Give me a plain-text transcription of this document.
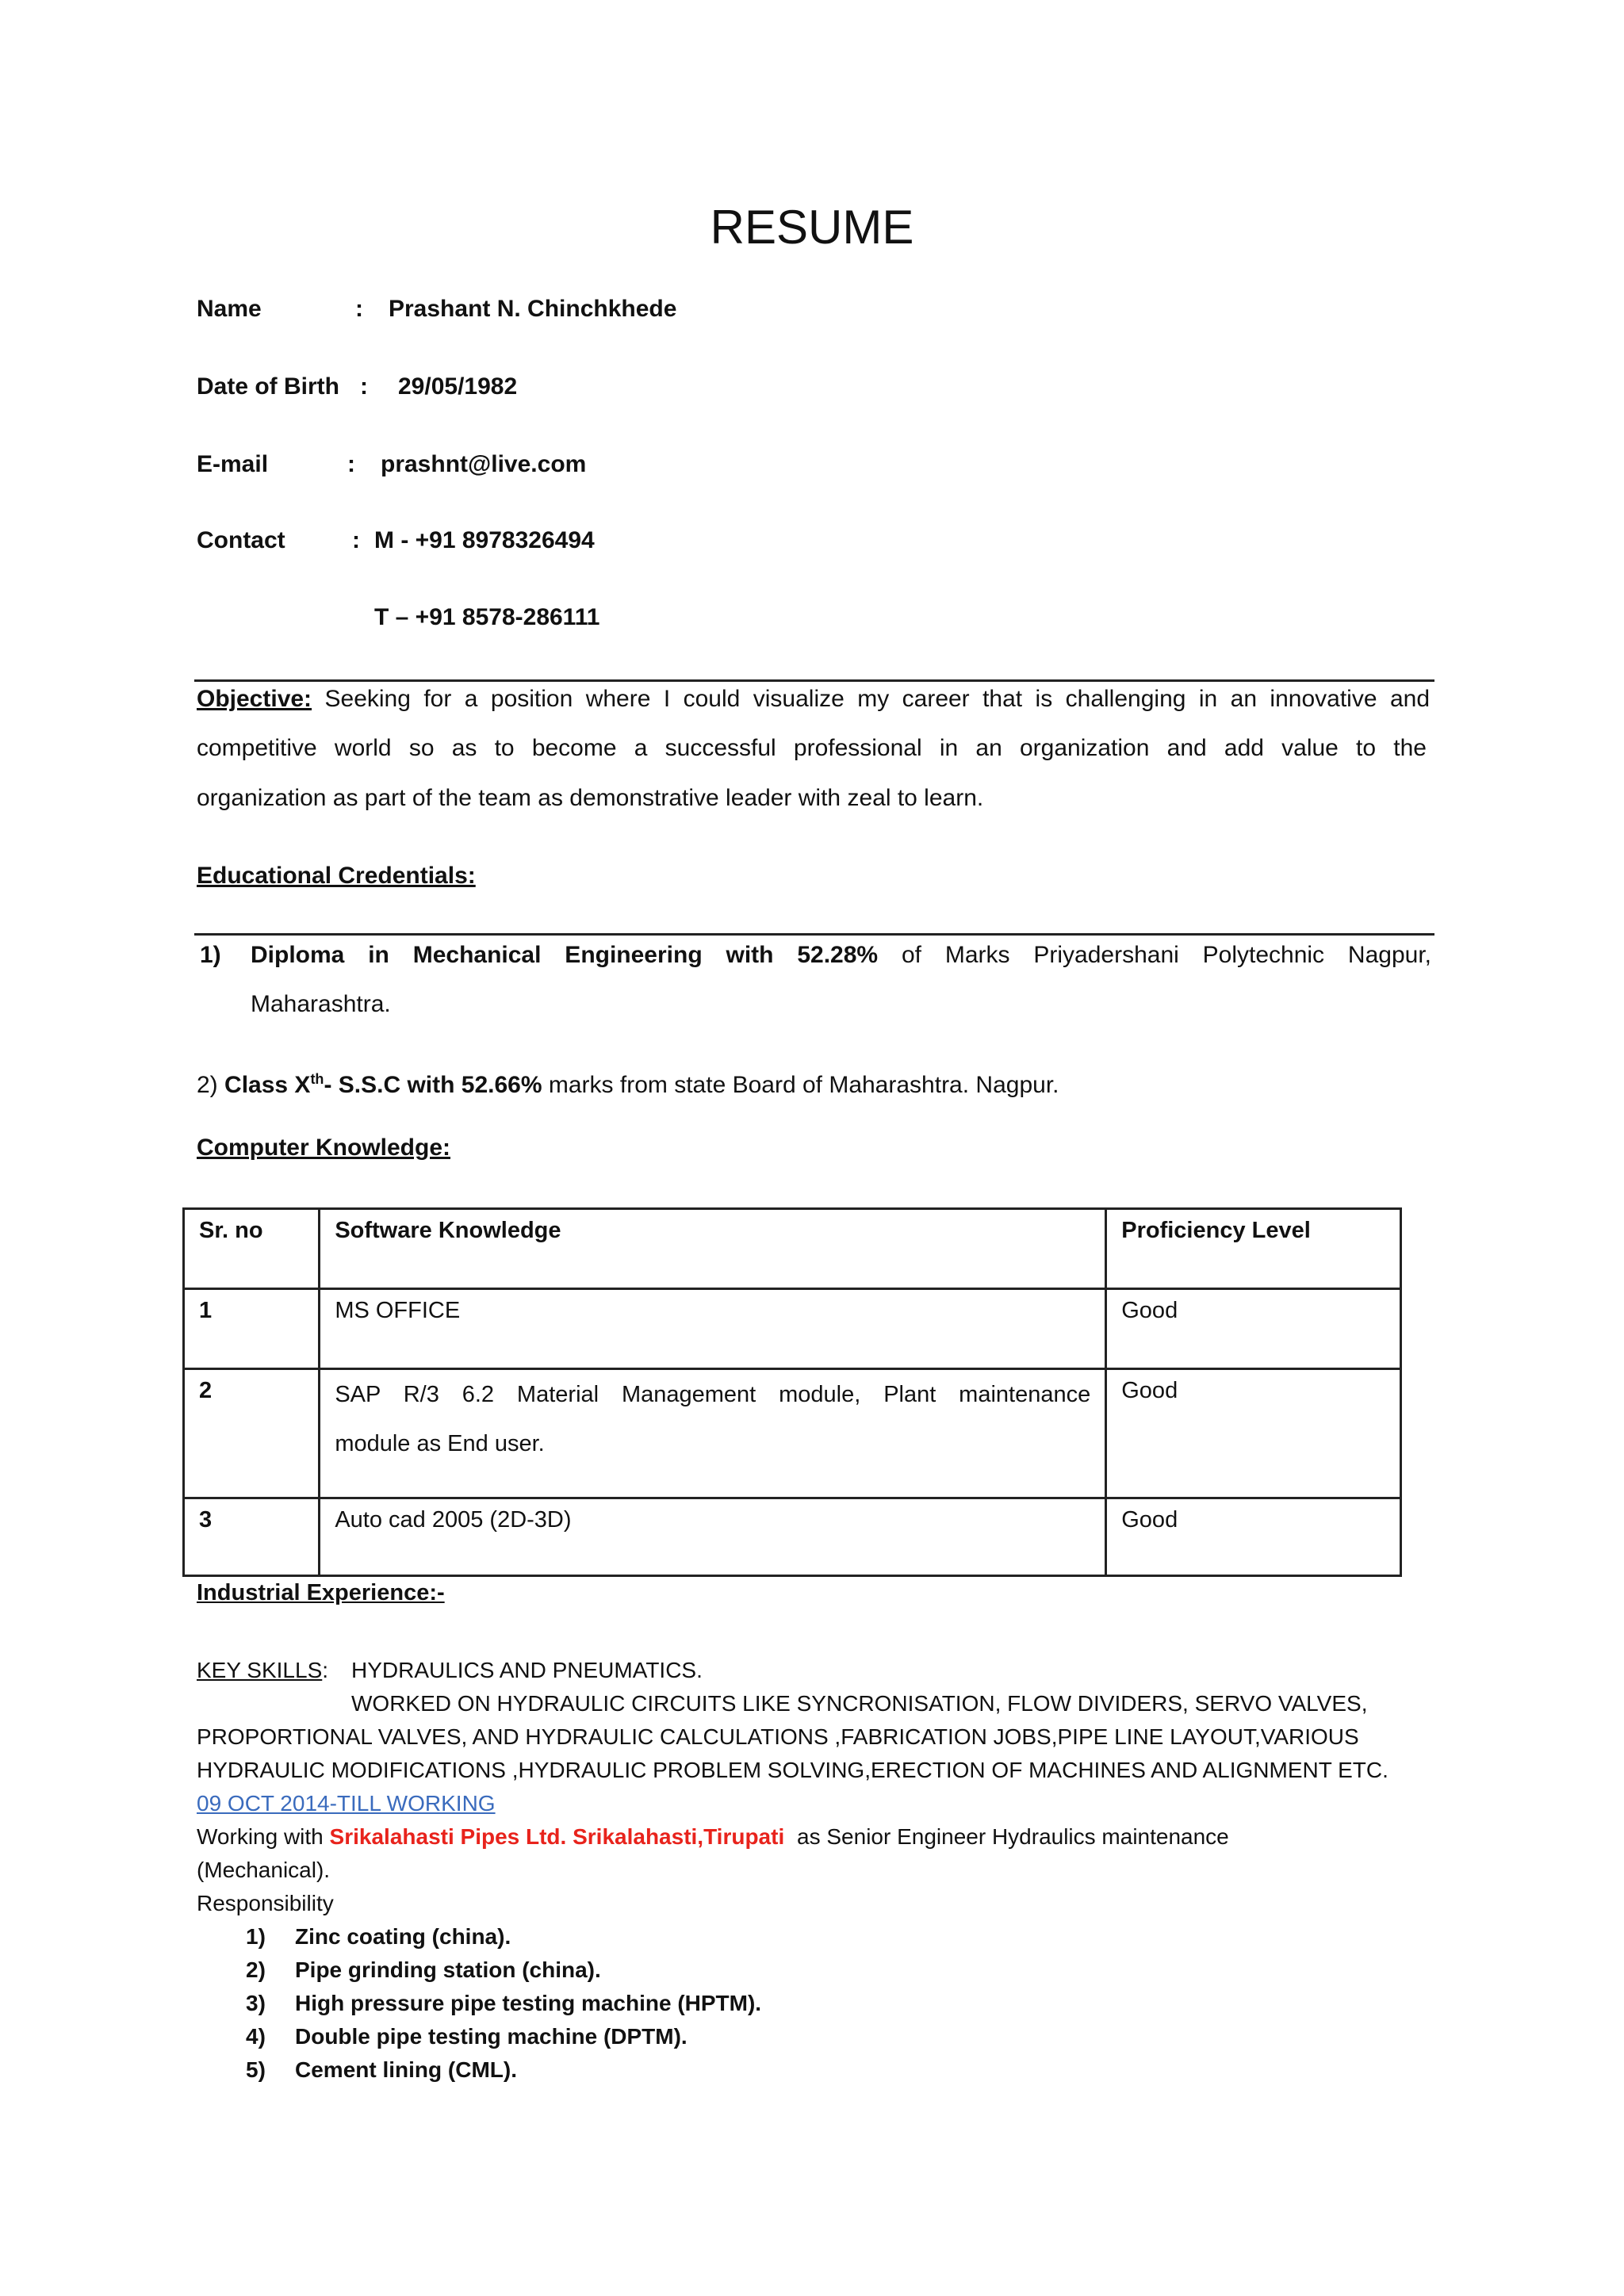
RESUME
Name	: Prashant N. Chinchkhede
Date of Birth : 29/05/1982
E-mail	: prashnt@live.com
Contact	: M - +91 8978326494
T – +91 8578-286111
Objective: Seeking for a position where I could visualize my career that is challenging in an innovative and
competitive world so as to become a successful professional in an organization and add value to the
organization as part of the team as demonstrative leader with zeal to learn.
Educational Credentials:
1) Diploma in Mechanical Engineering with 52.28% of Marks Priyadershani Polytechnic Nagpur,
Maharashtra.
2) Class Xth- S.S.C with 52.66% marks from state Board of Maharashtra. Nagpur.
Computer Knowledge:
Sr. no	Software Knowledge	Proficiency Level
1	MS OFFICE	Good
2	SAP R/3 6.2 Material Management module, Plant maintenance
module as End user.	Good
3	Auto cad 2005 (2D-3D)	Good
Industrial Experience:-
KEY SKILLS: HYDRAULICS AND PNEUMATICS.
WORKED ON HYDRAULIC CIRCUITS LIKE SYNCRONISATION, FLOW DIVIDERS, SERVO VALVES,
PROPORTIONAL VALVES, AND HYDRAULIC CALCULATIONS ,FABRICATION JOBS,PIPE LINE LAYOUT,VARIOUS
HYDRAULIC MODIFICATIONS ,HYDRAULIC PROBLEM SOLVING,ERECTION OF MACHINES AND ALIGNMENT ETC.
09 OCT 2014-TILL WORKING
Working with Srikalahasti Pipes Ltd. Srikalahasti,Tirupati as Senior Engineer Hydraulics maintenance
(Mechanical).
Responsibility
1) Zinc coating (china).
2) Pipe grinding station (china).
3) High pressure pipe testing machine (HPTM).
4) Double pipe testing machine (DPTM).
5) Cement lining (CML).
